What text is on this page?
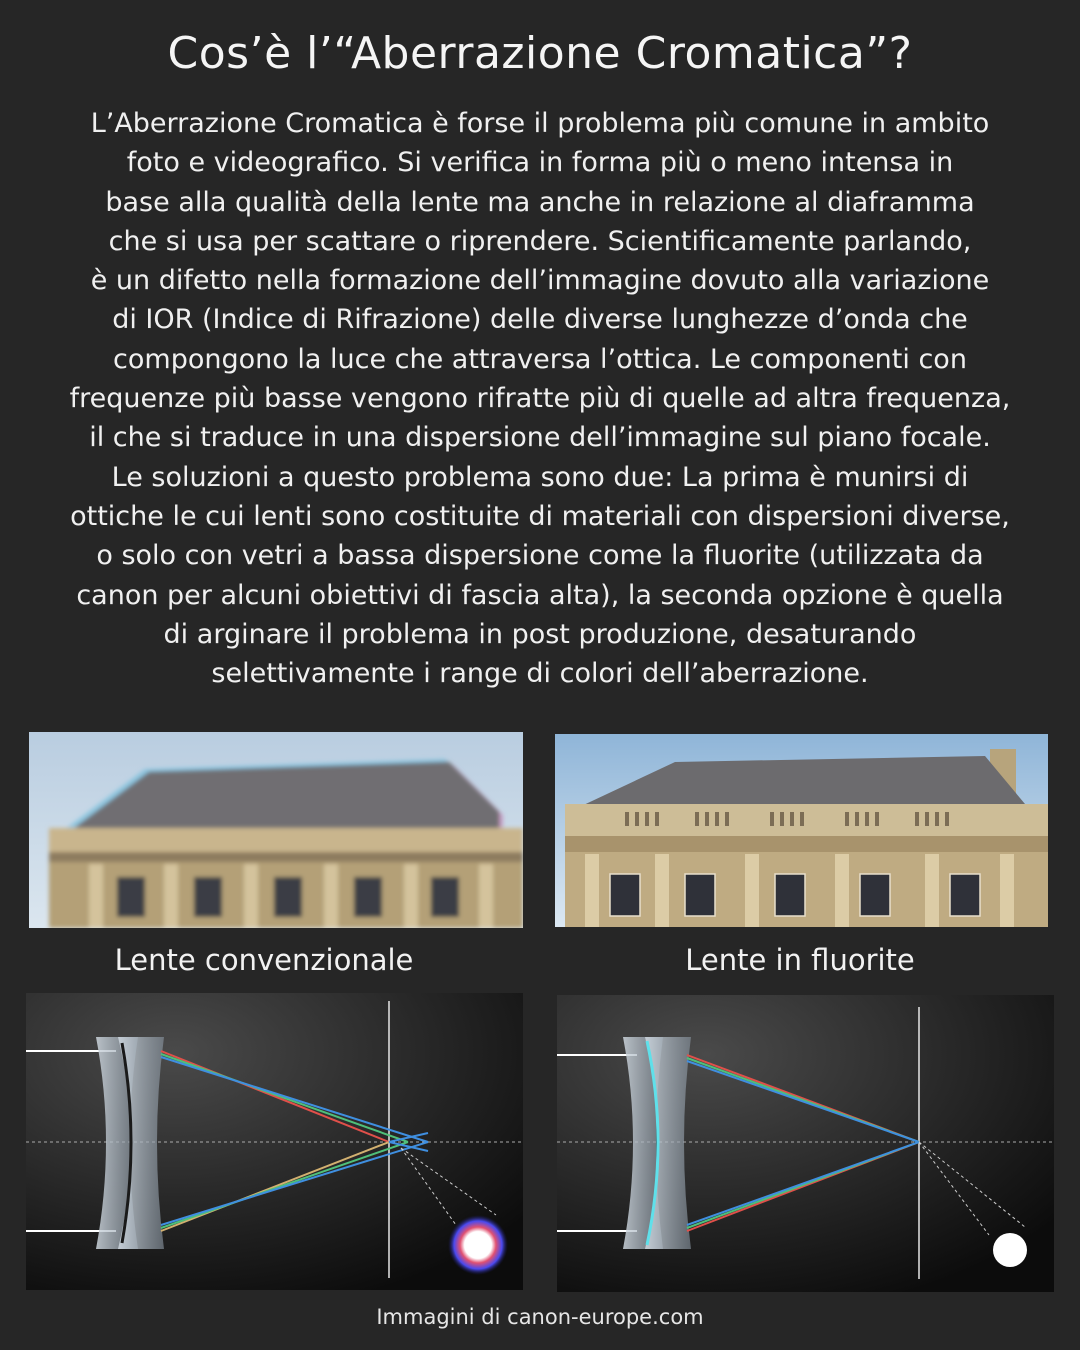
Cos’è l’“Aberrazione Cromatica”?
L’Aberrazione Cromatica è forse il problema più comune in ambito
foto e videografico. Si verifica in forma più o meno intensa in
base alla qualità della lente ma anche in relazione al diaframma
che si usa per scattare o riprendere. Scientificamente parlando,
è un difetto nella formazione dell’immagine dovuto alla variazione
di IOR (Indice di Rifrazione) delle diverse lunghezze d’onda che
compongono la luce che attraversa l’ottica. Le componenti con
frequenze più basse vengono rifratte più di quelle ad altra frequenza,
il che si traduce in una dispersione dell’immagine sul piano focale.
Le soluzioni a questo problema sono due: La prima è munirsi di
ottiche le cui lenti sono costituite di materiali con dispersioni diverse,
o solo con vetri a bassa dispersione come la fluorite (utilizzata da
canon per alcuni obiettivi di fascia alta), la seconda opzione è quella
di arginare il problema in post produzione, desaturando
selettivamente i range di colori dell’aberrazione.
Lente convenzionale	Lente in fluorite
Immagini di canon-europe.com
